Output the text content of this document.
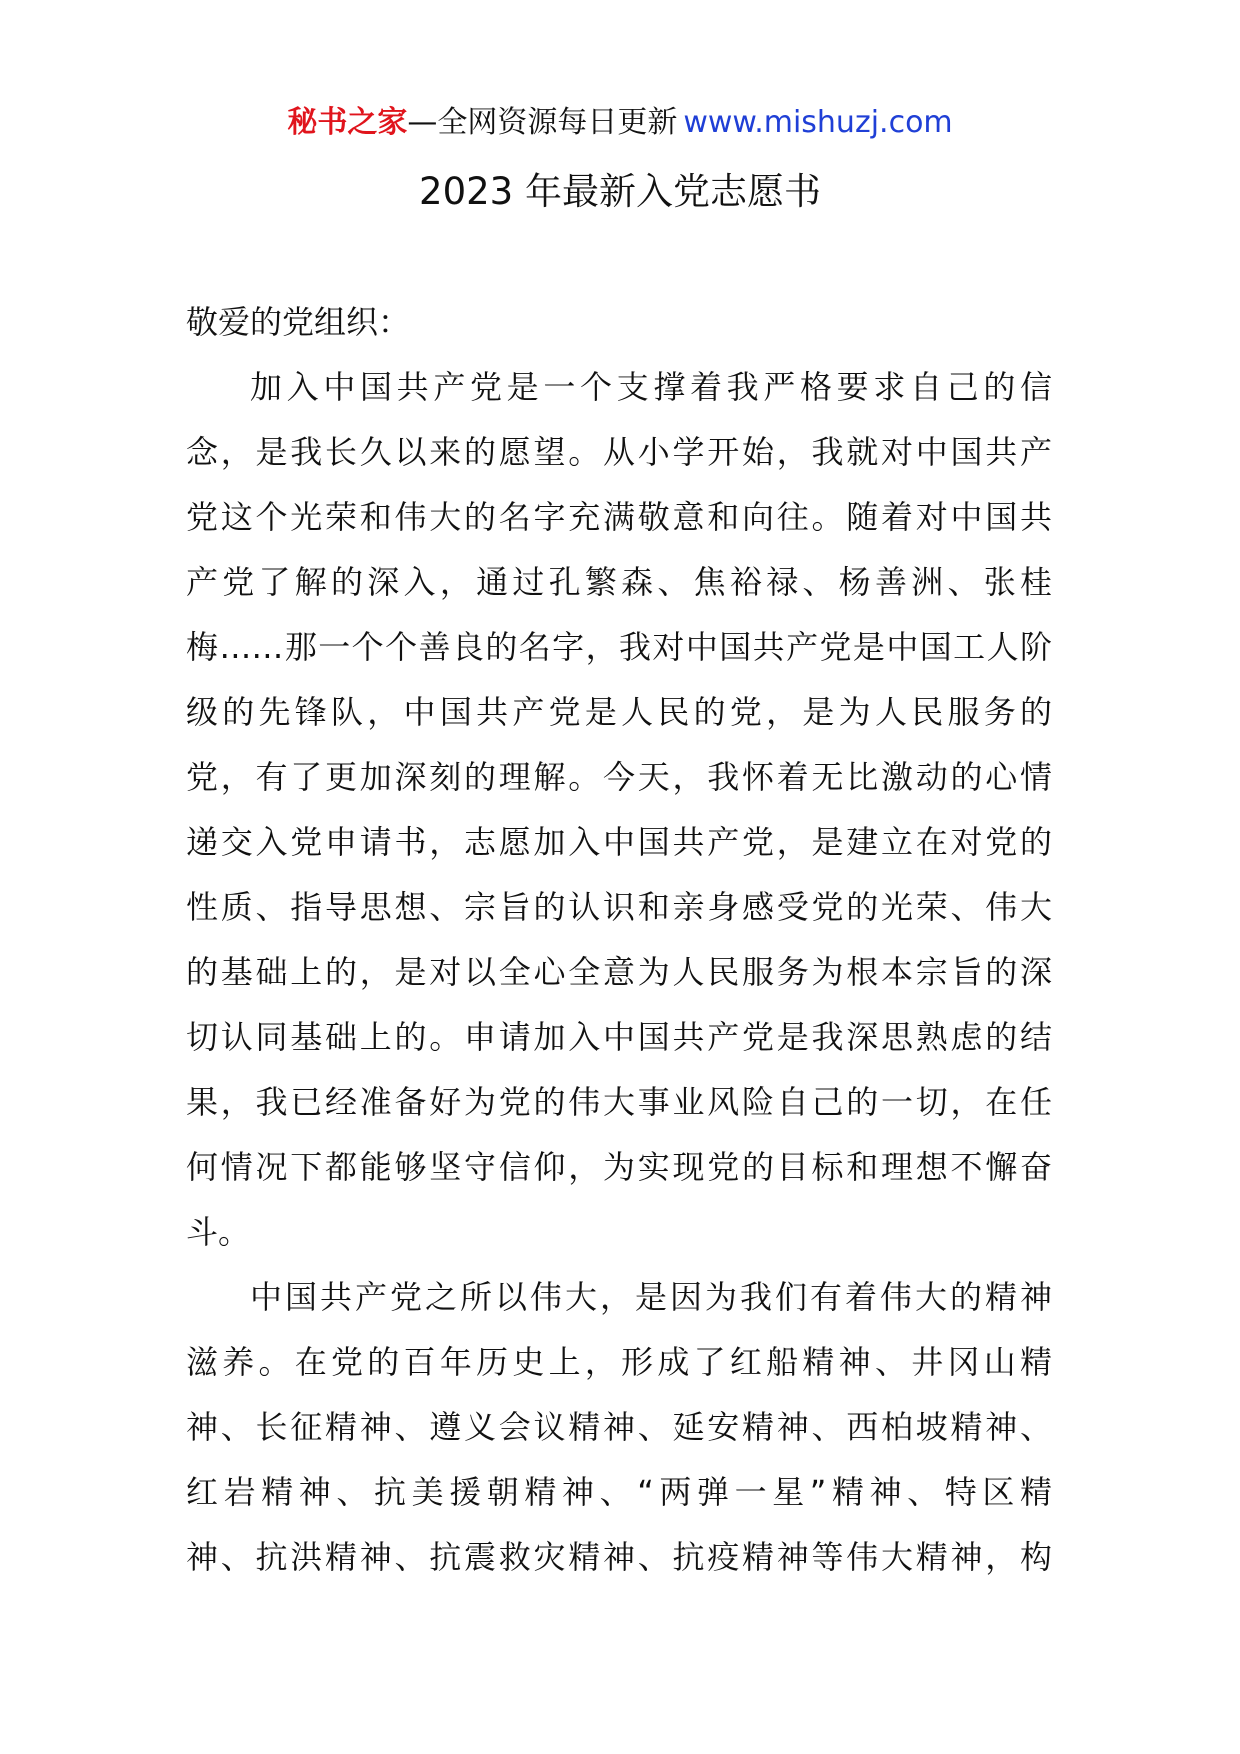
秘书之家—全网资源每日更新 www.mishuzj.com
2023 年最新入党志愿书
敬爱的党组织：
加入中国共产党是一个支撑着我严格要求自己的信
念，是我长久以来的愿望。从小学开始，我就对中国共产
党这个光荣和伟大的名字充满敬意和向往。随着对中国共
产党了解的深入，通过孔繁森、焦裕禄、杨善洲、张桂
梅……那一个个善良的名字，我对中国共产党是中国工人阶
级的先锋队，中国共产党是人民的党，是为人民服务的
党，有了更加深刻的理解。今天，我怀着无比激动的心情
递交入党申请书，志愿加入中国共产党，是建立在对党的
性质、指导思想、宗旨的认识和亲身感受党的光荣、伟大
的基础上的，是对以全心全意为人民服务为根本宗旨的深
切认同基础上的。申请加入中国共产党是我深思熟虑的结
果，我已经准备好为党的伟大事业风险自己的一切，在任
何情况下都能够坚守信仰，为实现党的目标和理想不懈奋
斗。
中国共产党之所以伟大，是因为我们有着伟大的精神
滋养。在党的百年历史上，形成了红船精神、井冈山精
神、长征精神、遵义会议精神、延安精神、西柏坡精神、
红岩精神、抗美援朝精神、“两弹一星”精神、特区精
神、抗洪精神、抗震救灾精神、抗疫精神等伟大精神，构
